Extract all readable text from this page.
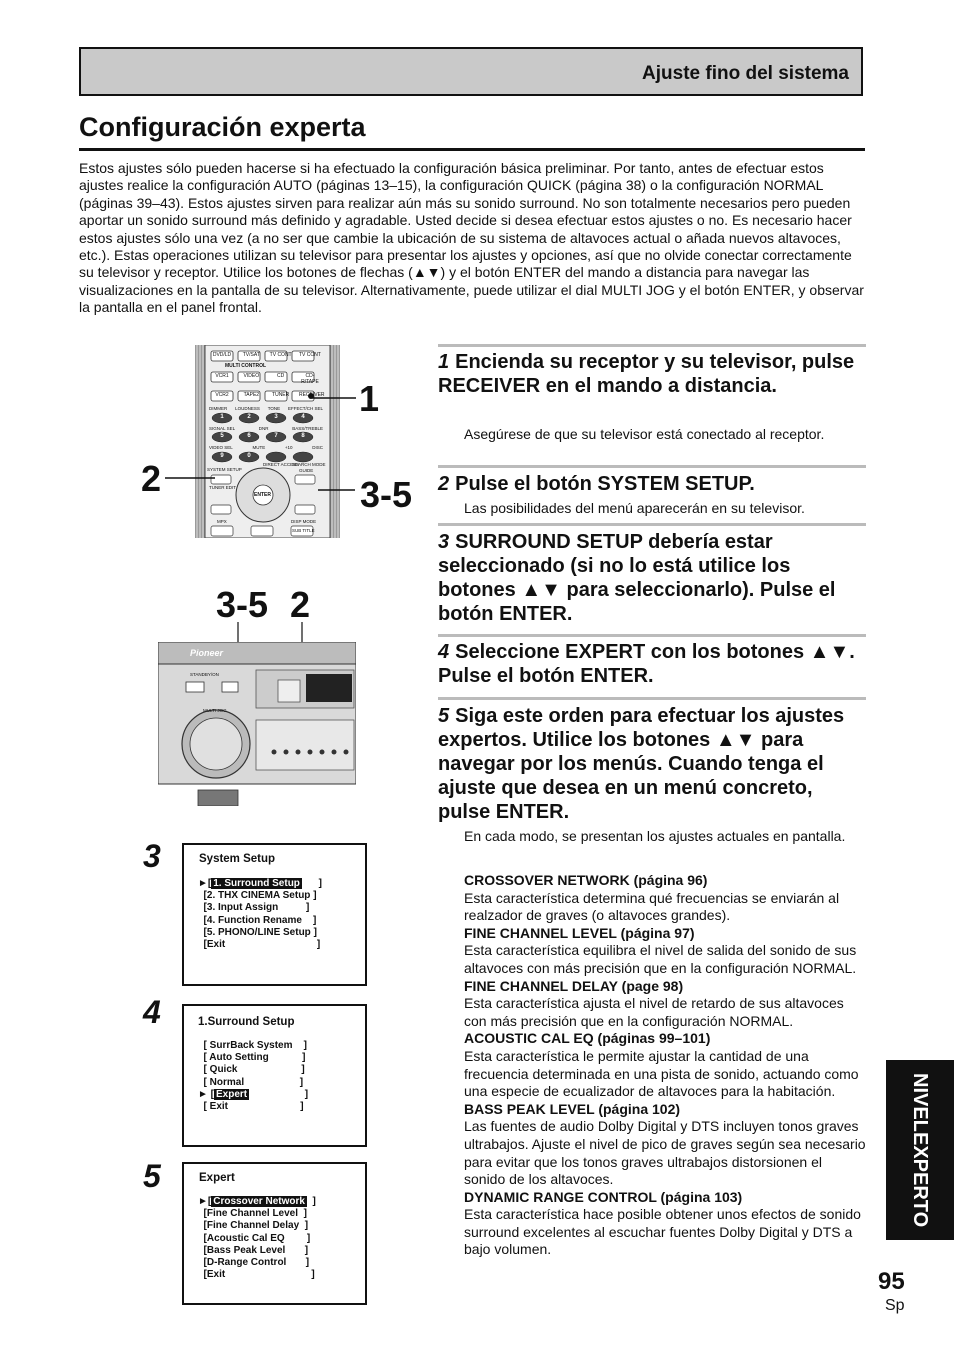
Ajuste fino del sistema
Configuración experta
Estos ajustes sólo pueden hacerse si ha efectuado la configuración básica preliminar. Por tanto, antes de efectuar estos ajustes realice la configuración AUTO (páginas 13–15), la configuración QUICK (página 38) o la configuración NORMAL (páginas 39–43). Estos ajustes sirven para realizar aún más su sonido surround. No son totalmente necesarios pero pueden aportar un sonido surround más definido y agradable. Usted decide si desea efectuar estos ajustes o no. Es necesario hacer estos ajustes sólo una vez (a no ser que cambie la ubicación de su sistema de altavoces actual o añada nuevos altavoces, etc.). Estas operaciones utilizan su televisor para presentar los ajustes y opciones, así que no olvide conectar correctamente su televisor y receptor. Utilice los botones de flechas (▲▼) y el botón ENTER del mando a distancia para navegar las visualizaciones en la pantalla de su televisor. Alternativamente, puede utilizar el dial MULTI JOG y el botón ENTER, y observar la pantalla en el panel frontal.
DVD/LD	TV/SAT	TV CONT TV CONT
MULTI CONTROL
VCR1	VIDEO	CD	CD-R/TAPE
VCR2	TAPE2	TUNER	RECEIVER
DIMMER LOUDNESS TONE EFFECT/CH SEL
1	2	3	4
SIGNAL SEL	DNR	BASS/TREBLE
5	6	7	8
VIDEO SEL	MUTE	+10	DISC
9	0
SYSTEM SETUP
TUNER EDIT
DIRECT ACCESS
SEARCH MODE
GUIDE
ENTER
MPX	DISP MODE
SUB TITLE
1
2	3-5
3-5 2
Pioneer
STANDBY/ON
MULTI JOG
3	System Setup
►[ 1. Surround Setup      ]
[2. THX CINEMA Setup ]
[3. Input Assign          ]
[4. Function Rename    ]
[5. PHONO/LINE Setup ]
[Exit                                 ]
4	1.Surround Setup
[ SurrBack System    ]
[ Auto Setting            ]
[ Quick                       ]
[ Normal                    ]
► [ Expert                    ]
[ Exit                          ]
5	Expert
►[ Crossover Network  ]
[Fine Channel Level  ]
[Fine Channel Delay  ]
[Acoustic Cal EQ        ]
[Bass Peak Level       ]
[D-Range Control       ]
[Exit                               ]
1 Encienda su receptor y su televisor, pulse RECEIVER en el mando a distancia.
Asegúrese de que su televisor está conectado al receptor.
2 Pulse el botón SYSTEM SETUP.
Las posibilidades del menú aparecerán en su televisor.
3 SURROUND SETUP debería estar seleccionado (si no lo está utilice los botones ▲▼ para seleccionarlo). Pulse el botón ENTER.
4 Seleccione EXPERT con los botones ▲▼. Pulse el botón ENTER.
5 Siga este orden para efectuar los ajustes expertos. Utilice los botones ▲▼ para navegar por los menús. Cuando tenga el ajuste que desea en un menú concreto, pulse ENTER.
En cada modo, se presentan los ajustes actuales en pantalla.
CROSSOVER NETWORK (página 96)
Esta característica determina qué frecuencias se enviarán al realzador de graves (o altavoces grandes).
FINE CHANNEL LEVEL (página 97)
Esta característica equilibra el nivel de salida del sonido de sus altavoces con más precisión que en la configuración NORMAL.
FINE CHANNEL DELAY (page 98)
Esta característica ajusta el nivel de retardo de sus altavoces con más precisión que en la configuración NORMAL.
ACOUSTIC CAL EQ (páginas 99–101)
Esta característica le permite ajustar la cantidad de una frecuencia determinada en una pista de sonido, actuando como una especie de ecualizador de altavoces para la habitación.
BASS PEAK LEVEL (página 102)
Las fuentes de audio Dolby Digital y DTS incluyen tonos graves ultrabajos. Ajuste el nivel de pico de graves según sea necesario para evitar que los tonos graves ultrabajos distorsionen el sonido de los altavoces.
DYNAMIC RANGE CONTROL (página 103)
Esta característica hace posible obtener unos efectos de sonido surround excelentes al escuchar fuentes Dolby Digital y DTS a bajo volumen.
NIVEL
EXPERTO
95
Sp
